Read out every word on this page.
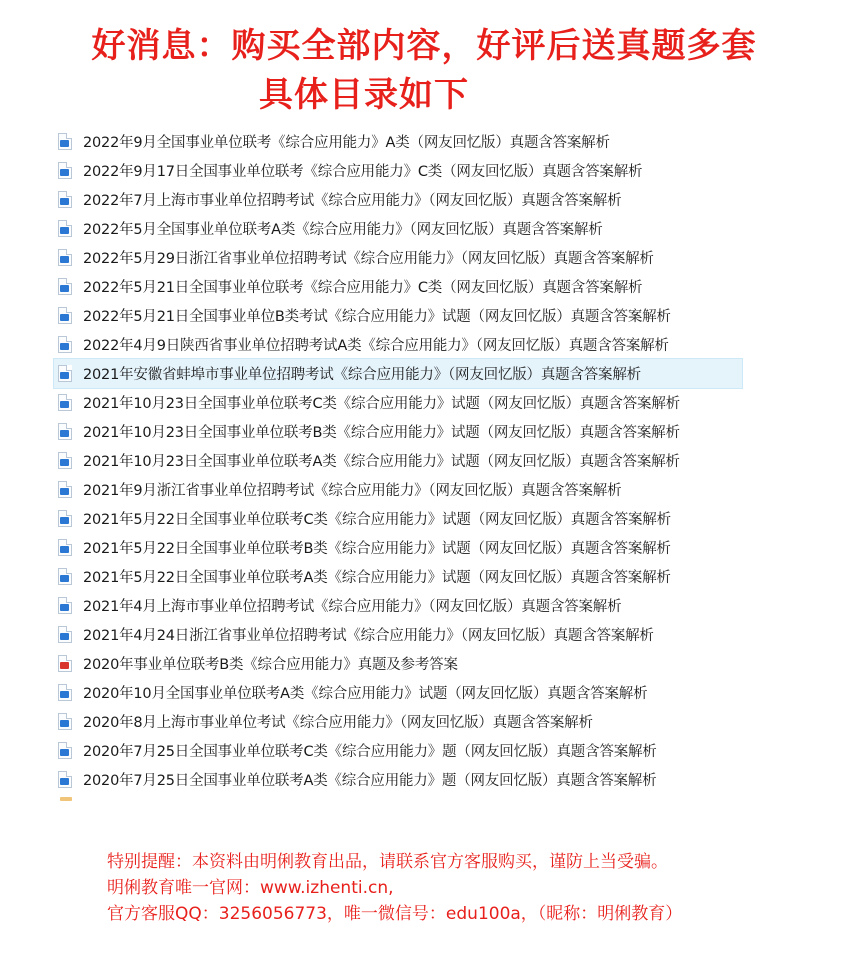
好消息：购买全部内容，好评后送真题多套
具体目录如下
2022年9月全国事业单位联考《综合应用能力》A类（网友回忆版）真题含答案解析
2022年9月17日全国事业单位联考《综合应用能力》C类（网友回忆版）真题含答案解析
2022年7月上海市事业单位招聘考试《综合应用能力》（网友回忆版）真题含答案解析
2022年5月全国事业单位联考A类《综合应用能力》（网友回忆版）真题含答案解析
2022年5月29日浙江省事业单位招聘考试《综合应用能力》（网友回忆版）真题含答案解析
2022年5月21日全国事业单位联考《综合应用能力》C类（网友回忆版）真题含答案解析
2022年5月21日全国事业单位B类考试《综合应用能力》试题（网友回忆版）真题含答案解析
2022年4月9日陕西省事业单位招聘考试A类《综合应用能力》（网友回忆版）真题含答案解析
2021年安徽省蚌埠市事业单位招聘考试《综合应用能力》（网友回忆版）真题含答案解析
2021年10月23日全国事业单位联考C类《综合应用能力》试题（网友回忆版）真题含答案解析
2021年10月23日全国事业单位联考B类《综合应用能力》试题（网友回忆版）真题含答案解析
2021年10月23日全国事业单位联考A类《综合应用能力》试题（网友回忆版）真题含答案解析
2021年9月浙江省事业单位招聘考试《综合应用能力》（网友回忆版）真题含答案解析
2021年5月22日全国事业单位联考C类《综合应用能力》试题（网友回忆版）真题含答案解析
2021年5月22日全国事业单位联考B类《综合应用能力》试题（网友回忆版）真题含答案解析
2021年5月22日全国事业单位联考A类《综合应用能力》试题（网友回忆版）真题含答案解析
2021年4月上海市事业单位招聘考试《综合应用能力》（网友回忆版）真题含答案解析
2021年4月24日浙江省事业单位招聘考试《综合应用能力》（网友回忆版）真题含答案解析
2020年事业单位联考B类《综合应用能力》真题及参考答案
2020年10月全国事业单位联考A类《综合应用能力》试题（网友回忆版）真题含答案解析
2020年8月上海市事业单位考试《综合应用能力》（网友回忆版）真题含答案解析
2020年7月25日全国事业单位联考C类《综合应用能力》题（网友回忆版）真题含答案解析
2020年7月25日全国事业单位联考A类《综合应用能力》题（网友回忆版）真题含答案解析
特别提醒：本资料由明俐教育出品，请联系官方客服购买，谨防上当受骗。
明俐教育唯一官网：www.izhenti.cn,
官方客服QQ：3256056773，唯一微信号：edu100a，（昵称：明俐教育）
